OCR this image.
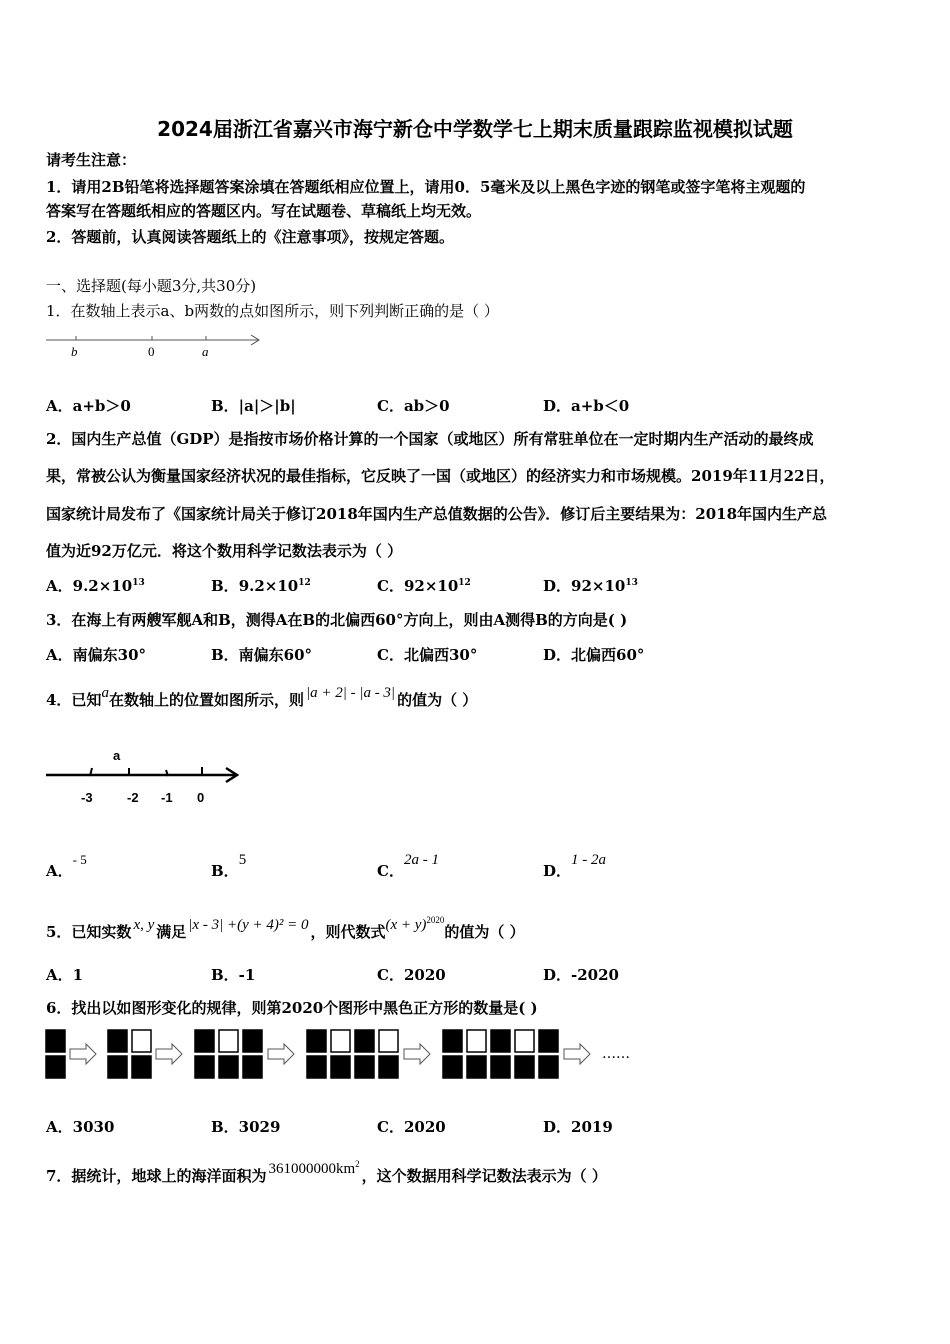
2024届浙江省嘉兴市海宁新仓中学数学七上期末质量跟踪监视模拟试题
请考生注意：
1．请用2B铅笔将选择题答案涂填在答题纸相应位置上，请用0．5毫米及以上黑色字迹的钢笔或签字笔将主观题的
答案写在答题纸相应的答题区内。写在试题卷、草稿纸上均无效。
2．答题前，认真阅读答题纸上的《注意事项》，按规定答题。
一、选择题(每小题3分,共30分)
1．在数轴上表示a、b两数的点如图所示，则下列判断正确的是（ ）
b	0	a
A．a+b＞0	B．|a|＞|b|	C．ab＞0	D．a+b＜0
2．国内生产总值（GDP）是指按市场价格计算的一个国家（或地区）所有常驻单位在一定时期内生产活动的最终成
果，常被公认为衡量国家经济状况的最佳指标，它反映了一国（或地区）的经济实力和市场规模。2019年11月22日，
国家统计局发布了《国家统计局关于修订2018年国内生产总值数据的公告》．修订后主要结果为：2018年国内生产总
值为近92万亿元．将这个数用科学记数法表示为（ ）
A．$9.2\times 10^{13}$	B．$9.2\times 10^{12}$	C．$92\times 10^{12}$	D．$92\times 10^{13}$
3．在海上有两艘军舰A和B，测得A在B的北偏西60°方向上，则由A测得B的方向是( )
A．南偏东30°	B．南偏东60°	C．北偏西30°	D．北偏西60°
4．已知a在数轴上的位置如图所示，则 |a + 2| - |a - 3| 的值为（ ）
a
-3	-2 -1 0
A．- 5
B．5
C．2a - 1
D．1 - 2a
5．已知实数 x, y 满足 |x - 3| +(y + 4)² = 0 ，则代数式$(x + y)^{2020}$的值为（ ）
A．1	B．-1	C．2020	D．-2020
6．找出以如图形变化的规律，则第2020个图形中黑色正方形的数量是( )
……
A．3030	B．3029	C．2020	D．2019
7．据统计，地球上的海洋面积为 $361000000km^2$，这个数据用科学记数法表示为（ ）
